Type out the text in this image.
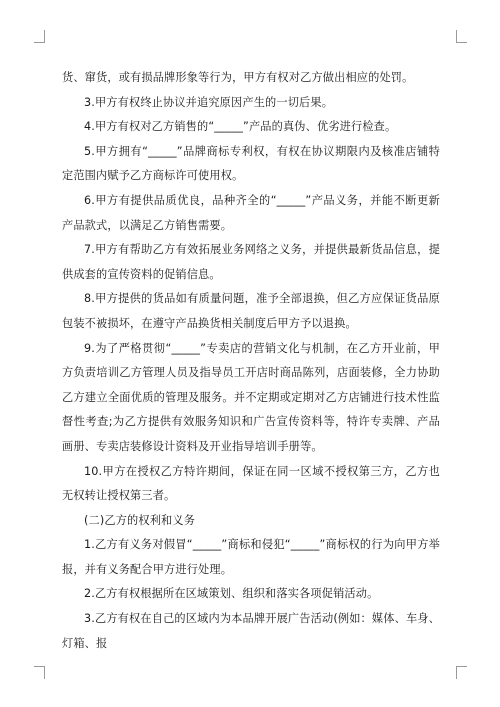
货、窜货，或有损品牌形象等行为，甲方有权对乙方做出相应的处罚。

3.甲方有权终止协议并追究原因产生的一切后果。

4.甲方有权对乙方销售的“_____”产品的真伪、优劣进行检查。

5.甲方拥有“_____”品牌商标专利权，有权在协议期限内及核准店铺特定范围内赋予乙方商标许可使用权。

6.甲方有提供品质优良，品种齐全的“_____”产品义务，并能不断更新产品款式，以满足乙方销售需要。

7.甲方有帮助乙方有效拓展业务网络之义务，并提供最新货品信息，提供成套的宣传资料的促销信息。

8.甲方提供的货品如有质量问题，准予全部退换，但乙方应保证货品原包装不被损坏，在遵守产品换货相关制度后甲方予以退换。

9.为了严格贯彻“_____”专卖店的营销文化与机制，在乙方开业前，甲方负责培训乙方管理人员及指导员工开店时商品陈列，店面装修，全力协助乙方建立全面优质的管理及服务。并不定期或定期对乙方店铺进行技术性监督性考查;为乙方提供有效服务知识和广告宣传资料等，特许专卖牌、产品画册、专卖店装修设计资料及开业指导培训手册等。

10.甲方在授权乙方特许期间，保证在同一区域不授权第三方，乙方也无权转让授权第三者。

(二)乙方的权利和义务

1.乙方有义务对假冒“_____”商标和侵犯“_____”商标权的行为向甲方举报，并有义务配合甲方进行处理。

2.乙方有权根据所在区域策划、组织和落实各项促销活动。

3.乙方有权在自己的区域内为本品牌开展广告活动(例如：媒体、车身、灯箱、报
